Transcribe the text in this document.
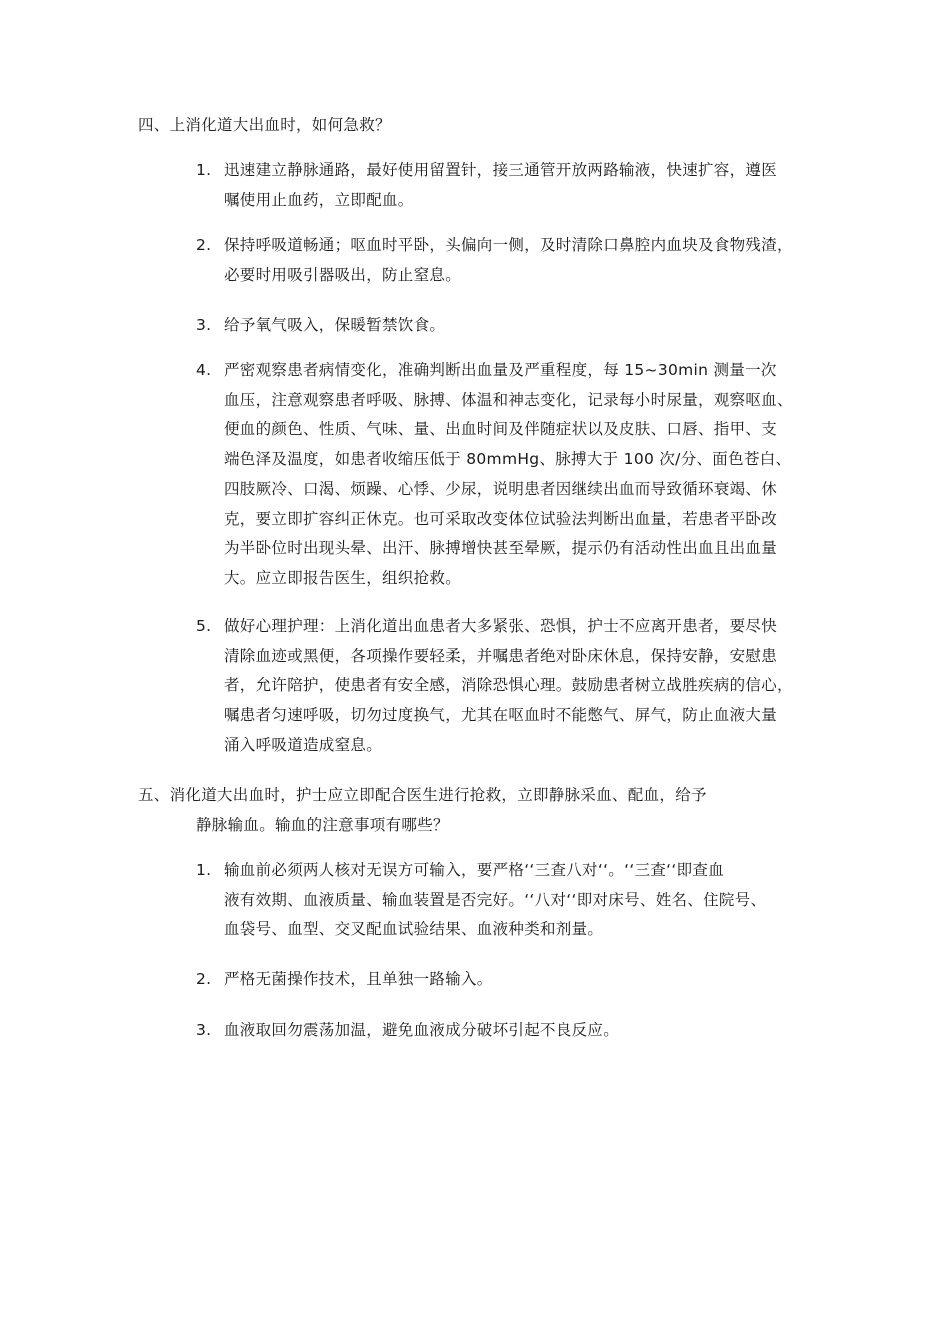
四、上消化道大出血时，如何急救？
1. 迅速建立静脉通路，最好使用留置针，接三通管开放两路输液，快速扩容，遵医
嘱使用止血药，立即配血。
2. 保持呼吸道畅通；呕血时平卧，头偏向一侧，及时清除口鼻腔内血块及食物残渣，
必要时用吸引器吸出，防止窒息。
3. 给予氧气吸入，保暖暂禁饮食。
4. 严密观察患者病情变化，准确判断出血量及严重程度，每 15~30min 测量一次
血压，注意观察患者呼吸、脉搏、体温和神志变化，记录每小时尿量，观察呕血、
便血的颜色、性质、气味、量、出血时间及伴随症状以及皮肤、口唇、指甲、支
端色泽及温度，如患者收缩压低于 80mmHg、脉搏大于 100 次/分、面色苍白、
四肢厥冷、口渴、烦躁、心悸、少尿，说明患者因继续出血而导致循环衰竭、休
克，要立即扩容纠正休克。也可采取改变体位试验法判断出血量，若患者平卧改
为半卧位时出现头晕、出汗、脉搏增快甚至晕厥，提示仍有活动性出血且出血量
大。应立即报告医生，组织抢救。
5. 做好心理护理：上消化道出血患者大多紧张、恐惧，护士不应离开患者，要尽快
清除血迹或黑便，各项操作要轻柔，并嘱患者绝对卧床休息，保持安静，安慰患
者，允许陪护，使患者有安全感，消除恐惧心理。鼓励患者树立战胜疾病的信心，
嘱患者匀速呼吸，切勿过度换气，尤其在呕血时不能憋气、屏气，防止血液大量
涌入呼吸道造成窒息。
五、消化道大出血时，护士应立即配合医生进行抢救，立即静脉采血、配血，给予
静脉输血。输血的注意事项有哪些？
1. 输血前必须两人核对无误方可输入，要严格‘‘三查八对‘‘。‘‘三查‘‘即查血
液有效期、血液质量、输血装置是否完好。‘‘八对‘‘即对床号、姓名、住院号、
血袋号、血型、交叉配血试验结果、血液种类和剂量。
2. 严格无菌操作技术，且单独一路输入。
3. 血液取回勿震荡加温，避免血液成分破坏引起不良反应。
